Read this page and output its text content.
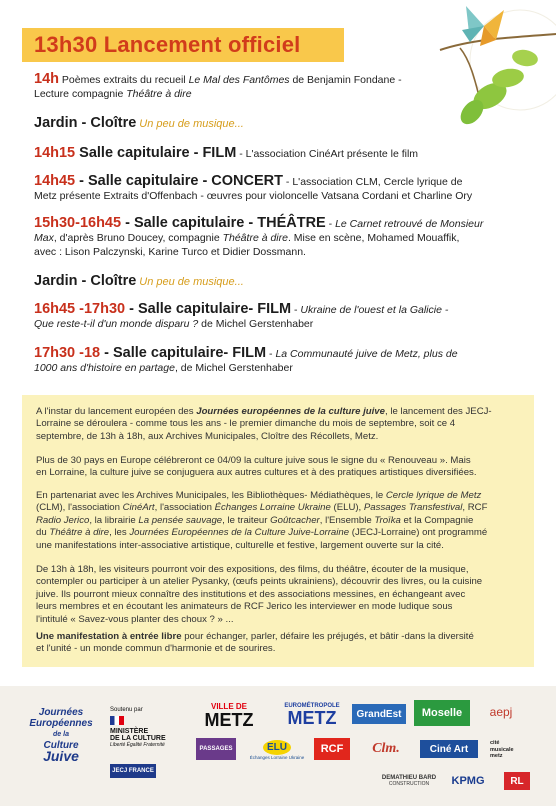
13h30 Lancement officiel
14h Poèmes extraits du recueil Le Mal des Fantômes de Benjamin Fondane -
Lecture compagnie Théâtre à dire
Jardin - Cloître Un peu de musique...
14h15 Salle capitulaire - FILM - L'association CinéArt présente le film
14h45 - Salle capitulaire - CONCERT - L'association CLM, Cercle lyrique de
Metz présente Extraits d'Offenbach - œuvres pour violoncelle Vatsana Cordani et Charline Ory
15h30-16h45 - Salle capitulaire - THÉÂTRE - Le Carnet retrouvé de Monsieur
Max, d'après Bruno Doucey, compagnie Théâtre à dire. Mise en scène, Mohamed Mouaffik,
avec : Lison Palczynski, Karine Turco et Didier Dossmann.
Jardin - Cloître Un peu de musique...
16h45 -17h30 - Salle capitulaire- FILM - Ukraine de l'ouest et la Galicie -
Que reste-t-il d'un monde disparu ? de Michel Gerstenhaber
17h30 -18 - Salle capitulaire- FILM - La Communauté juive de Metz, plus de
1000 ans d'histoire en partage, de Michel Gerstenhaber

A l'instar du lancement européen des Journées européennes de la culture juive, le lancement des JECJ-
Lorraine se déroulera - comme tous les ans - le premier dimanche du mois de septembre, soit ce 4
septembre, de 13h à 18h, aux Archives Municipales, Cloître des Récollets, Metz.

Plus de 30 pays en Europe célébreront ce 04/09 la culture juive sous le signe du « Renouveau ». Mais
en Lorraine, la culture juive se conjuguera aux autres cultures et à des pratiques artistiques diversifiées.

En partenariat avec les Archives Municipales, les Bibliothèques- Médiathèques, le Cercle lyrique de Metz
(CLM), l'association CinéArt, l'association Échanges Lorraine Ukraine (ELU), Passages Transfestival, RCF
Radio Jerico, la librairie La pensée sauvage, le traiteur Goûtcacher, l'Ensemble Troïka et la Compagnie
du Théâtre à dire, les Journées Européennes de la Culture Juive-Lorraine (JECJ-Lorraine) ont programmé
une manifestations inter-associative artistique, culturelle et festive, largement ouverte sur la cité.

De 13h à 18h, les visiteurs pourront voir des expositions, des films, du théâtre, écouter de la musique,
contempler ou participer à un atelier Pysanky, (œufs peints ukrainiens), découvrir des livres, ou la cuisine
juive. Ils pourront mieux connaître des institutions et des associations messines, en échangeant avec
leurs membres et en écoutant les animateurs de RCF Jerico les interviewer en mode ludique sous
l'intitulé « Savez-vous planter des choux ? » ...

Une manifestation à entrée libre pour échanger, parler, défaire les préjugés, et bâtir -dans la diversité
et l'unité - un monde commun d'harmonie et de sourires.

Journées
Européennes
de la
Culture
Juive
Soutenu par
MINISTÈRE
DE LA CULTURE
Liberté Égalité Fraternité
VILLE DE
METZ
EUROMÉTROPOLE
METZ GrandEst Moselle aepj
PASSAGES	ELU
Échanges Lorraine Ukraine
RCF Clm.	Ciné Art
cité
musicale
metz
JECJ FRANCE
DEMATHIEU BARD
CONSTRUCTION KPMG	RL
